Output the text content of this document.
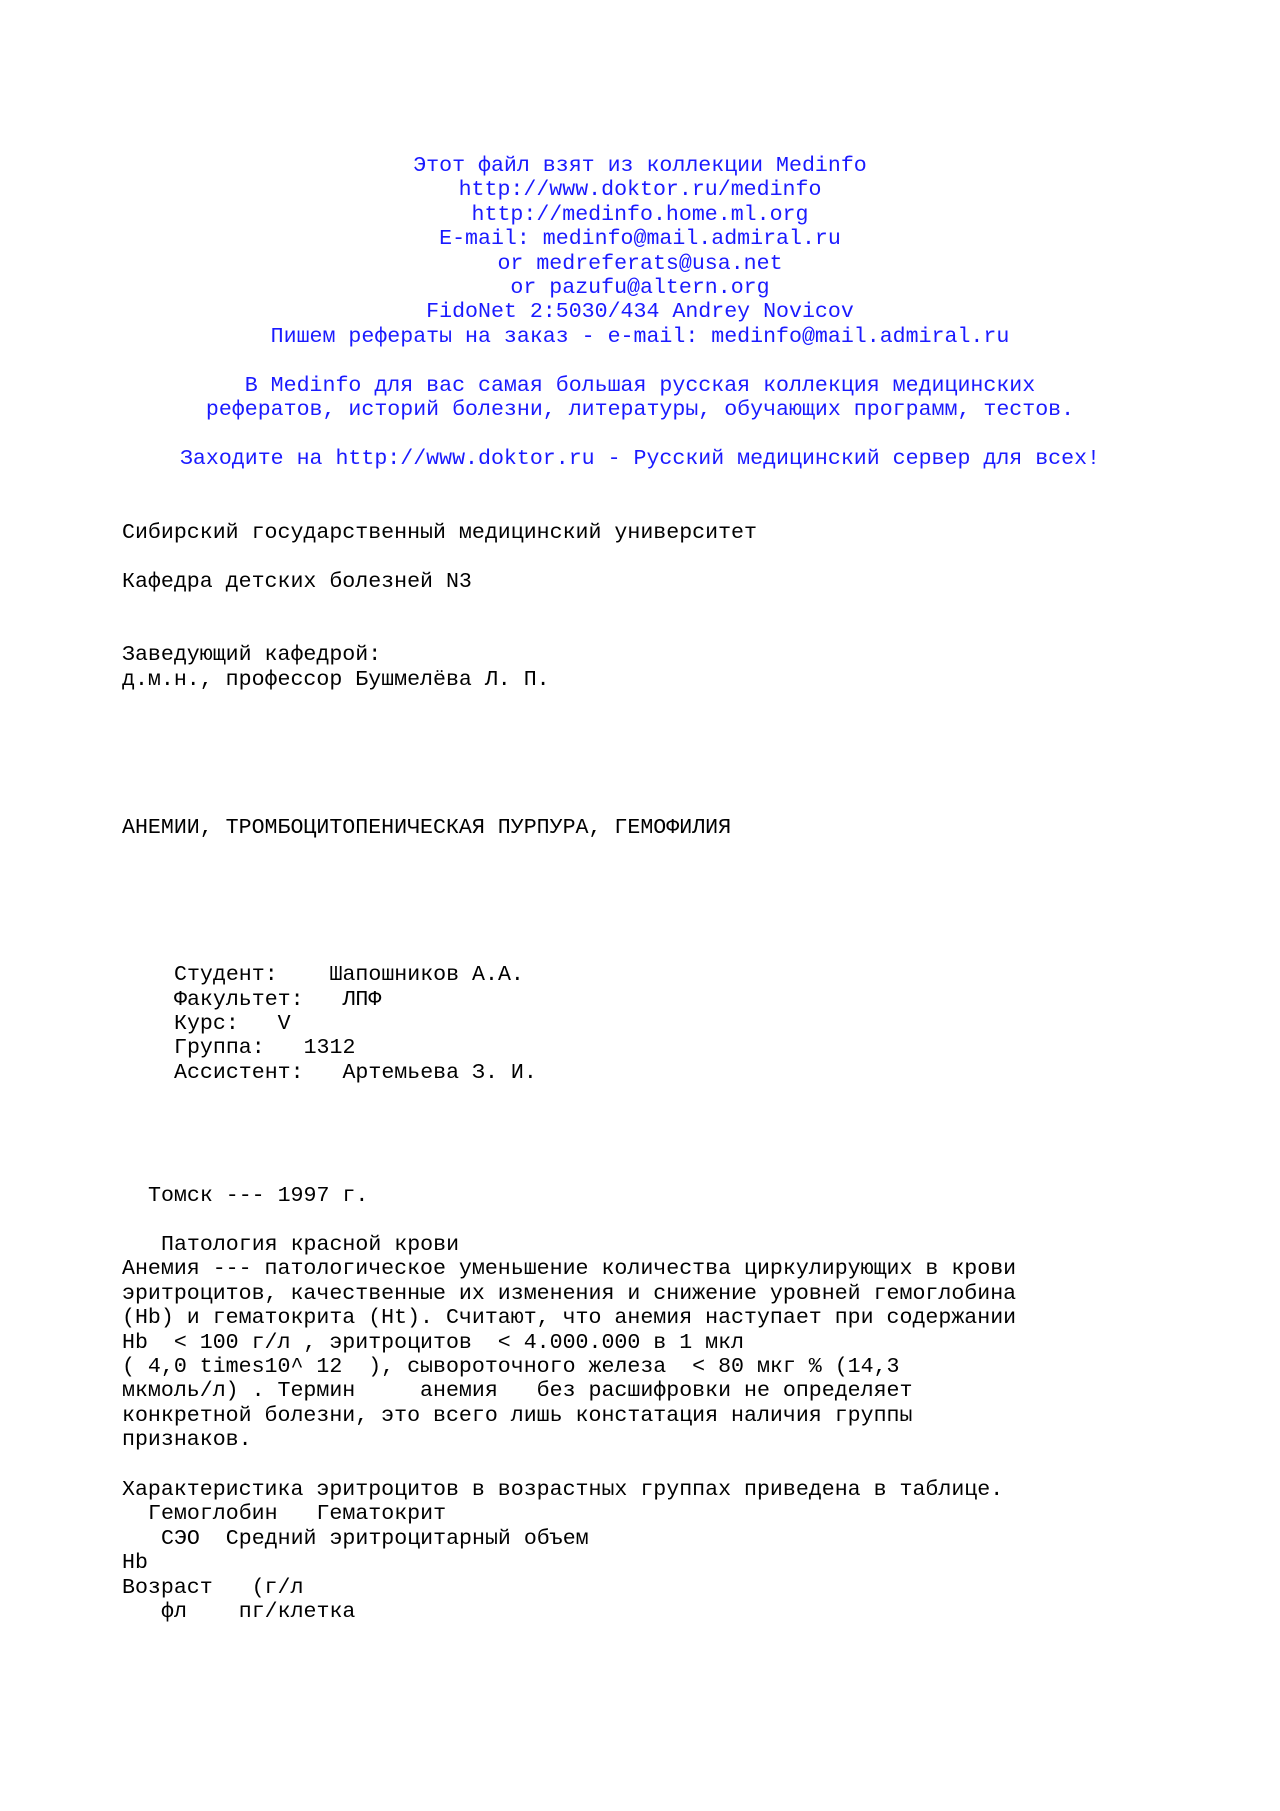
Этот файл взят из коллекции Medinfo
http://www.doktor.ru/medinfo
http://medinfo.home.ml.org
E-mail: medinfo@mail.admiral.ru
or medreferats@usa.net
or pazufu@altern.org
FidoNet 2:5030/434 Andrey Novicov
Пишем рефераты на заказ - e-mail: medinfo@mail.admiral.ru
В Medinfo для вас самая большая русская коллекция медицинских
рефератов, историй болезни, литературы, обучающих программ, тестов.
Заходите на http://www.doktor.ru - Русский медицинский сервер для всех!
Сибирский государственный медицинский университет
Кафедра детских болезней N3
Заведующий кафедрой:
д.м.н., профессор Бушмелёва Л. П.
АНЕМИИ, ТРОМБОЦИТОПЕНИЧЕСКАЯ ПУРПУРА, ГЕМОФИЛИЯ
Студент:    Шапошников А.А.
Факультет:   ЛПФ
Курс:   V
Группа:   1312
Ассистент:   Артемьева З. И.
Томск --- 1997 г.
Патология красной крови
Анемия --- патологическое уменьшение количества циркулирующих в крови
эритроцитов, качественные их изменения и снижение уровней гемоглобина
(Hb) и гематокрита (Ht). Считают, что анемия наступает при содержании
Hb  < 100 г/л , эритроцитов  < 4.000.000 в 1 мкл
( 4,0 times10^ 12  ), сывороточного железа  < 80 мкг % (14,3
мкмоль/л) . Термин     анемия   без расшифровки не определяет
конкретной болезни, это всего лишь констатация наличия группы
признаков.
Характеристика эритроцитов в возрастных группах приведена в таблице.
Гемоглобин   Гематокрит
СЭО  Средний эритроцитарный объем
Hb
Возраст   (г/л
фл    пг/клетка
